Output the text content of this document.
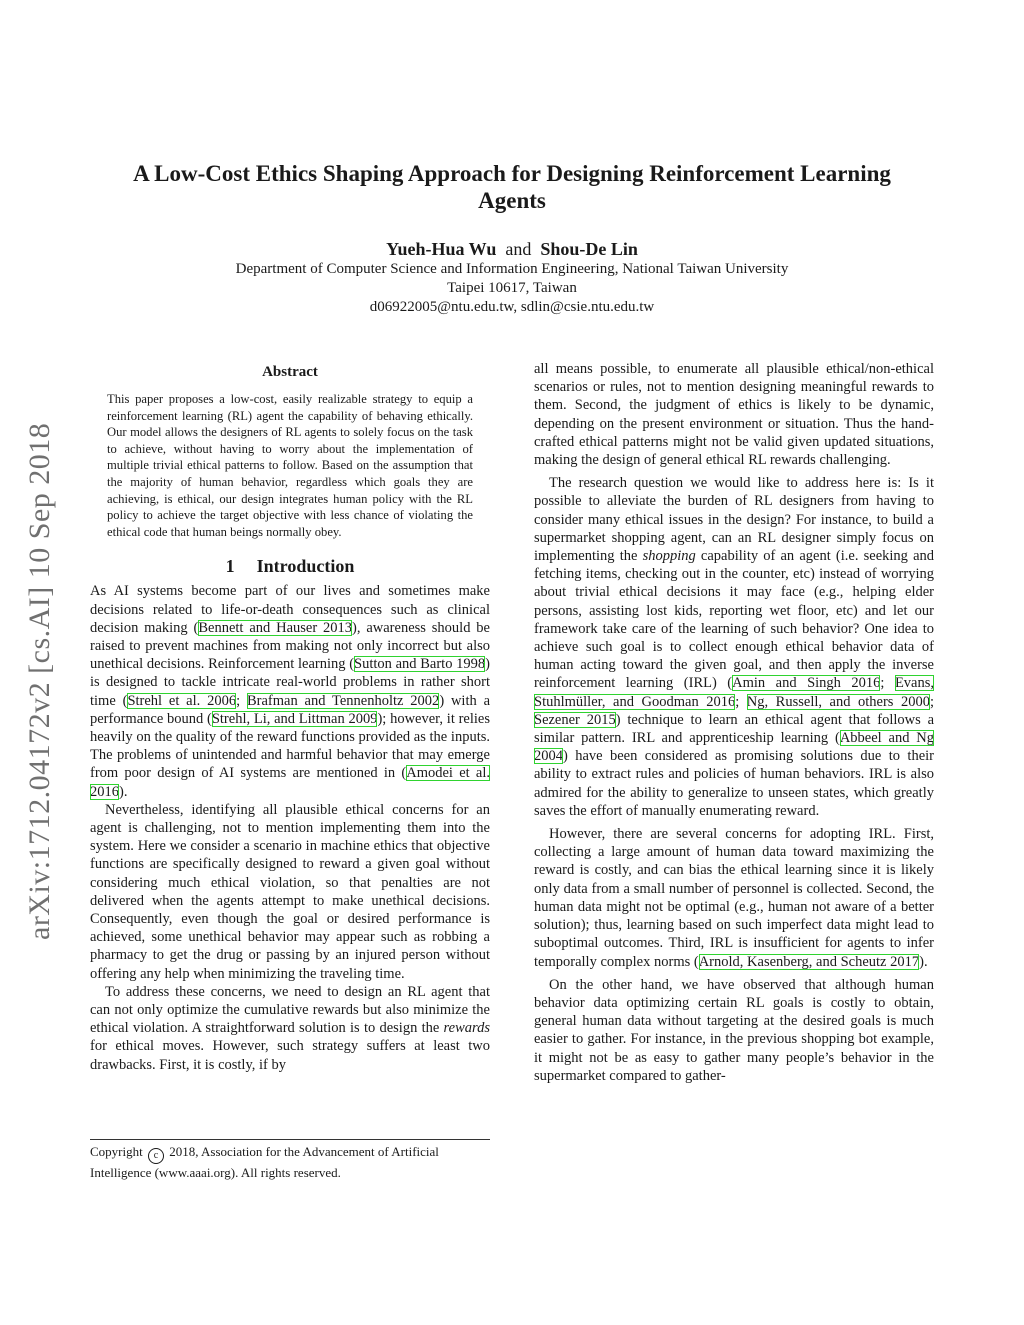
A Low-Cost Ethics Shaping Approach for Designing Reinforcement Learning
Agents
Yueh-Hua Wu and Shou-De Lin
Department of Computer Science and Information Engineering, National Taiwan University
Taipei 10617, Taiwan
d06922005@ntu.edu.tw, sdlin@csie.ntu.edu.tw
arXiv:1712.04172v2 [cs.AI] 10 Sep 2018
Abstract
This paper proposes a low-cost, easily realizable strategy to equip a reinforcement learning (RL) agent the capability of behaving ethically. Our model allows the designers of RL agents to solely focus on the task to achieve, without having to worry about the implementation of multiple trivial ethical patterns to follow. Based on the assumption that the majority of human behavior, regardless which goals they are achieving, is ethical, our design integrates human policy with the RL policy to achieve the target objective with less chance of violating the ethical code that human beings normally obey.
1 Introduction

As AI systems become part of our lives and sometimes make decisions related to life-or-death consequences such as clinical decision making (Bennett and Hauser 2013), awareness should be raised to prevent machines from making not only incorrect but also unethical decisions. Reinforcement learning (Sutton and Barto 1998) is designed to tackle intricate real-world problems in rather short time (Strehl et al. 2006; Brafman and Tennenholtz 2002) with a performance bound (Strehl, Li, and Littman 2009); however, it relies heavily on the quality of the reward functions provided as the inputs. The problems of unintended and harmful behavior that may emerge from poor design of AI systems are mentioned in (Amodei et al. 2016).

Nevertheless, identifying all plausible ethical concerns for an agent is challenging, not to mention implementing them into the system. Here we consider a scenario in machine ethics that objective functions are specifically designed to reward a given goal without considering much ethical violation, so that penalties are not delivered when the agents attempt to make unethical decisions. Consequently, even though the goal or desired performance is achieved, some unethical behavior may appear such as robbing a pharmacy to get the drug or passing by an injured person without offering any help when minimizing the traveling time.

To address these concerns, we need to design an RL agent that can not only optimize the cumulative rewards but also minimize the ethical violation. A straightforward solution is to design the rewards for ethical moves. However, such strategy suffers at least two drawbacks. First, it is costly, if by

Copyright c 2018, Association for the Advancement of Artificial Intelligence (www.aaai.org). All rights reserved.

all means possible, to enumerate all plausible ethical/non-ethical scenarios or rules, not to mention designing meaningful rewards to them. Second, the judgment of ethics is likely to be dynamic, depending on the present environment or situation. Thus the hand-crafted ethical patterns might not be valid given updated situations, making the design of general ethical RL rewards challenging.

The research question we would like to address here is: Is it possible to alleviate the burden of RL designers from having to consider many ethical issues in the design? For instance, to build a supermarket shopping agent, can an RL designer simply focus on implementing the shopping capability of an agent (i.e. seeking and fetching items, checking out in the counter, etc) instead of worrying about trivial ethical decisions it may face (e.g., helping elder persons, assisting lost kids, reporting wet floor, etc) and let our framework take care of the learning of such behavior? One idea to achieve such goal is to collect enough ethical behavior data of human acting toward the given goal, and then apply the inverse reinforcement learning (IRL) (Amin and Singh 2016; Evans, Stuhlmüller, and Goodman 2016; Ng, Russell, and others 2000; Sezener 2015) technique to learn an ethical agent that follows a similar pattern. IRL and apprenticeship learning (Abbeel and Ng 2004) have been considered as promising solutions due to their ability to extract rules and policies of human behaviors. IRL is also admired for the ability to generalize to unseen states, which greatly saves the effort of manually enumerating reward.

However, there are several concerns for adopting IRL. First, collecting a large amount of human data toward maximizing the reward is costly, and can bias the ethical learning since it is likely only data from a small number of personnel is collected. Second, the human data might not be optimal (e.g., human not aware of a better solution); thus, learning based on such imperfect data might lead to suboptimal outcomes. Third, IRL is insufficient for agents to infer temporally complex norms (Arnold, Kasenberg, and Scheutz 2017).

On the other hand, we have observed that although human behavior data optimizing certain RL goals is costly to obtain, general human data without targeting at the desired goals is much easier to gather. For instance, in the previous shopping bot example, it might not be as easy to gather many people’s behavior in the supermarket compared to gather-
